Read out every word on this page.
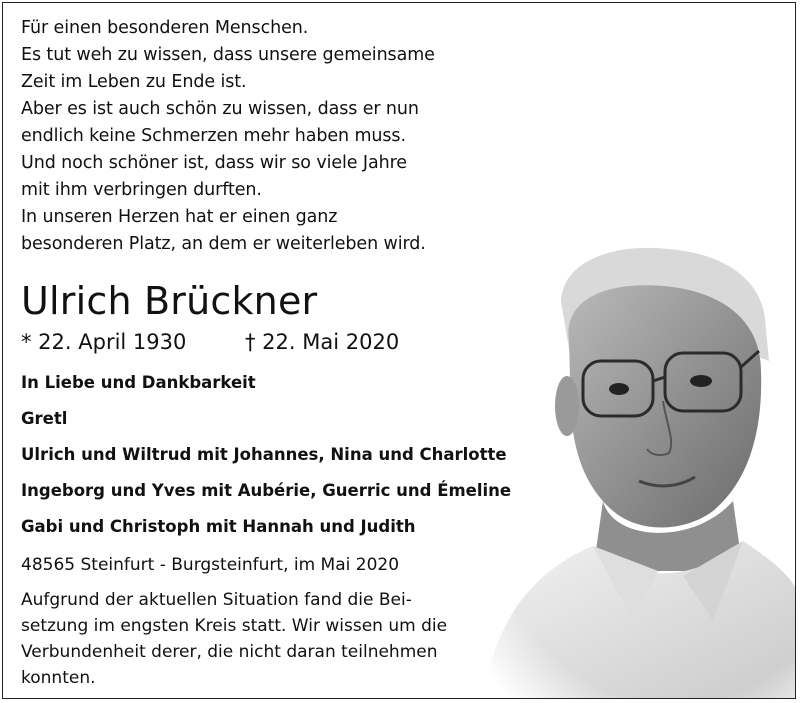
Für einen besonderen Menschen.
Es tut weh zu wissen, dass unsere gemeinsame
Zeit im Leben zu Ende ist.
Aber es ist auch schön zu wissen, dass er nun
endlich keine Schmerzen mehr haben muss.
Und noch schöner ist, dass wir so viele Jahre
mit ihm verbringen durften.
In unseren Herzen hat er einen ganz
besonderen Platz, an dem er weiterleben wird.
Ulrich Brückner
* 22. April 1930	† 22. Mai 2020
In Liebe und Dankbarkeit
Gretl
Ulrich und Wiltrud mit Johannes, Nina und Charlotte
Ingeborg und Yves mit Aubérie, Guerric und Émeline
Gabi und Christoph mit Hannah und Judith
48565 Steinfurt - Burgsteinfurt, im Mai 2020
Aufgrund der aktuellen Situation fand die Bei-
setzung im engsten Kreis statt. Wir wissen um die
Verbundenheit derer, die nicht daran teilnehmen
konnten.
